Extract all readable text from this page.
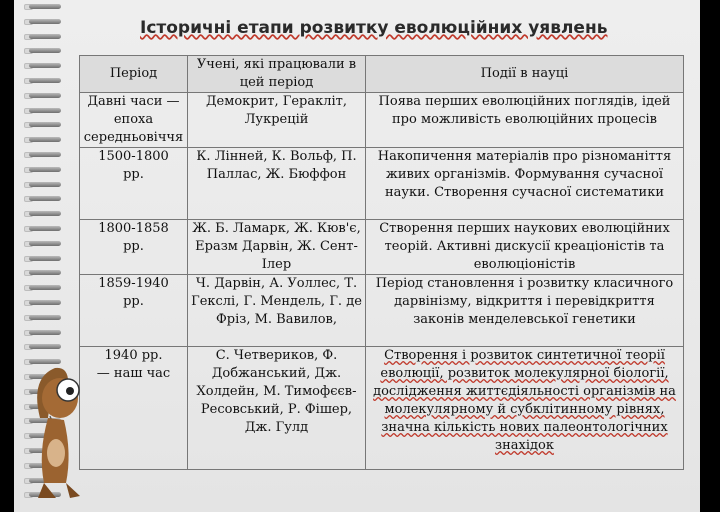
Історичні етапи розвитку еволюційних уявлень
Період	Учені, які працювали в цей період	Події в науці
Давні часи —епоха середньовіччя	Демокрит, Геракліт, Лукрецій	Поява перших еволюційних поглядів, ідей про можливість еволюційних процесів
1500-1800 рр.	К. Лінней, К. Вольф, П. Паллас, Ж. Бюффон	Накопичення матеріалів про різноманіття живих організмів. Формування сучасної науки. Створення сучасної систематики
1800-1858 рр.	Ж. Б. Ламарк, Ж. Кюв'є, Еразм Дарвін, Ж. Сент-Ілер	Створення перших наукових еволюційних теорій. Активні дискусії креаціоністів та еволюціоністів
1859-1940 рр.	Ч. Дарвін, А. Уоллес, Т. Гекслі, Г. Мендель, Г. де Фріз, М. Вавилов,	Період становлення і розвитку класичного дарвінізму, відкриття і перевідкриття законів менделевської генетики
1940 рр. — наш час	С. Четвериков, Ф. Добжанський, Дж. Холдейн, М. Тимофєєв-Ресовський, Р. Фішер, Дж. Гулд	Створення і розвиток синтетичної теорії еволюції, розвиток молекулярної біології, дослідження життєдіяльності організмів на молекулярному й субклітинному рівнях, значна кількість нових палеонтологічних знахідок
